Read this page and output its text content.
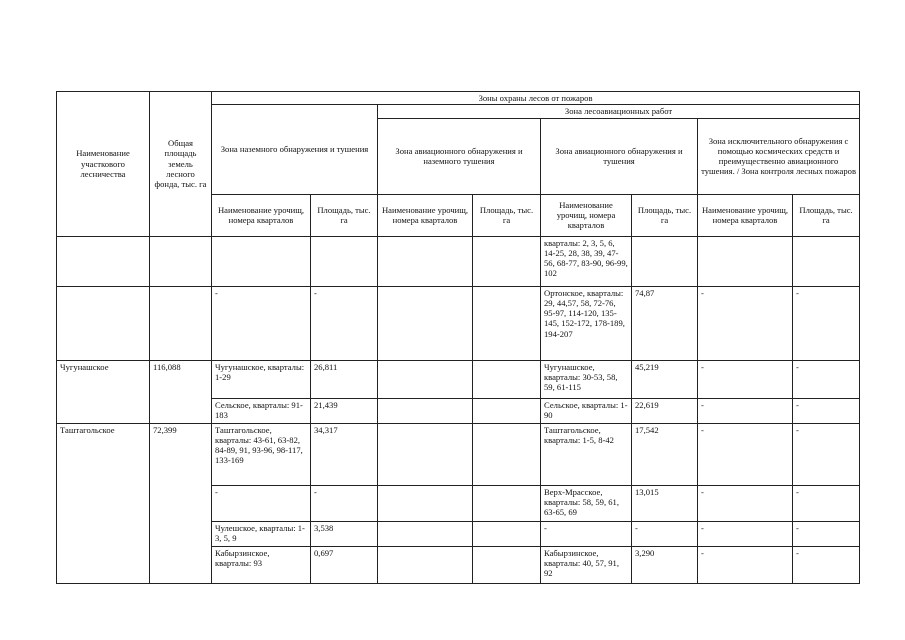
Наименование участкового лесничества	Общая площадь земель лесного фонда, тыс. га	Зоны охраны лесов от пожаров							
		Зона наземного обнаружения и тушения		Зона лесоавиационных работ					
				Зона авиационного обнаружения и наземного тушения		Зона авиационного обнаружения и тушения		Зона исключительного обнаружения с помощью космических средств и преимущественно авиационного тушения. / Зона контроля лесных пожаров	
		Наименование урочищ, номера кварталов	Площадь, тыс. га	Наименование урочищ, номера кварталов	Площадь, тыс. га	Наименование урочищ, номера кварталов	Площадь, тыс. га	Наименование урочищ, номера кварталов	Площадь, тыс. га
						кварталы: 2, 3, 5, 6, 14-25, 28, 38, 39, 47-56, 68-77, 83-90, 96-99, 102			
		-	-			Ортонское, кварталы: 29, 44,57, 58, 72-76, 95-97, 114-120, 135-145, 152-172, 178-189, 194-207	74,87	-	-
Чугунашское	116,088	Чугунашское, кварталы: 1-29	26,811			Чугунашское, кварталы: 30-53, 58, 59, 61-115	45,219	-	-
		Сельское, кварталы: 91-183	21,439			Сельское, кварталы: 1-90	22,619	-	-
Таштагольское	72,399	Таштагольское, кварталы: 43-61, 63-82, 84-89, 91, 93-96, 98-117, 133-169	34,317			Таштагольское, кварталы: 1-5, 8-42	17,542	-	-
		-	-			Верх-Мрасское, кварталы: 58, 59, 61, 63-65, 69	13,015	-	-
		Чулешское, кварталы: 1-3, 5, 9	3,538			-	-	-	-
		Кабырзинское, кварталы: 93	0,697			Кабырзинское, кварталы: 40, 57, 91, 92	3,290	-	-
